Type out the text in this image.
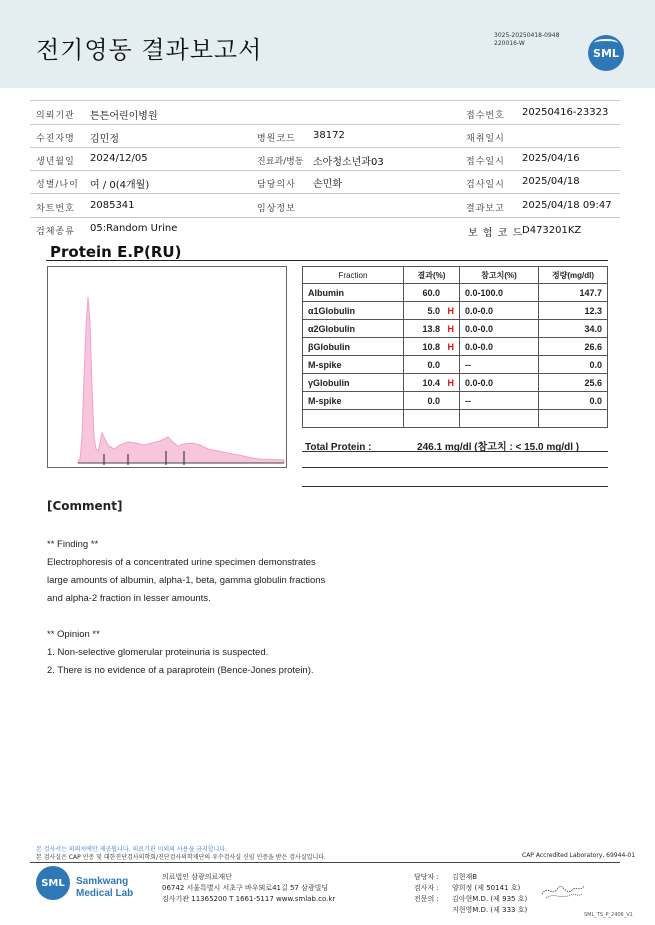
전기영동 결과보고서
3025-20250418-0948
220016-W
SML
의뢰기관 튼튼어린이병원	접수번호 20250416-23323
수진자명 김민정	병원코드 38172	채취일시
생년월일 2024/12/05	진료과/병동 소아청소년과03	접수일시 2025/04/16
성별/나이 여 / 0(4개월)	담당의사 손민화	검사일시 2025/04/18
차트번호 2085341	임상정보	결과보고 2025/04/18 09:47
검체종류 05:Random Urine	보 험 코 드
D473201KZ
Protein E.P(RU)
Fraction	결과(%)	참고치(%)	정량(mg/dl)
Albumin	60.0	0.0-100.0	147.7
α1Globulin	5.0 H	0.0-0.0	12.3
α2Globulin	13.8 H	0.0-0.0	34.0
βGlobulin	10.8 H	0.0-0.0	26.6
M-spike	0.0	--	0.0
γGlobulin	10.4 H	0.0-0.0	25.6
M-spike	0.0	--	0.0

Total Protein :	246.1 mg/dl (참고치 : < 15.0 mg/dl )
[Comment]
** Finding **
Electrophoresis of a concentrated urine specimen demonstrates
large amounts of albumin, alpha-1, beta, gamma globulin fractions
and alpha-2 fraction in lesser amounts.
** Opinion **
1. Non-selective glomerular proteinuria is suspected.
2. There is no evidence of a paraprotein (Bence-Jones protein).
본 검사서는 의뢰처에만 제공됩니다. 의료기관 이외의 사용을 금지합니다.
본 검사실은 CAP 인증 및 대한진단검사의학회/진단검사의학재단의 우수검사실 신임 인증을 받은 검사실입니다.	CAP Accredited Laboratory, 69944-01
SML Samkwang
Medical Lab
의료법인 삼광의료재단
06742 서울특별시 서초구 바우뫼로41길 57 삼광빌딩
검사기관 11365200 T 1661-5117 www.smlab.co.kr
담당자 : 김현재B
검사자 : 양희정 (제 50141 호)
전문의 : 김아현M.D. (제 935 호)
지현영M.D. (제 333 호)
SML_TS_P_2406_V1
